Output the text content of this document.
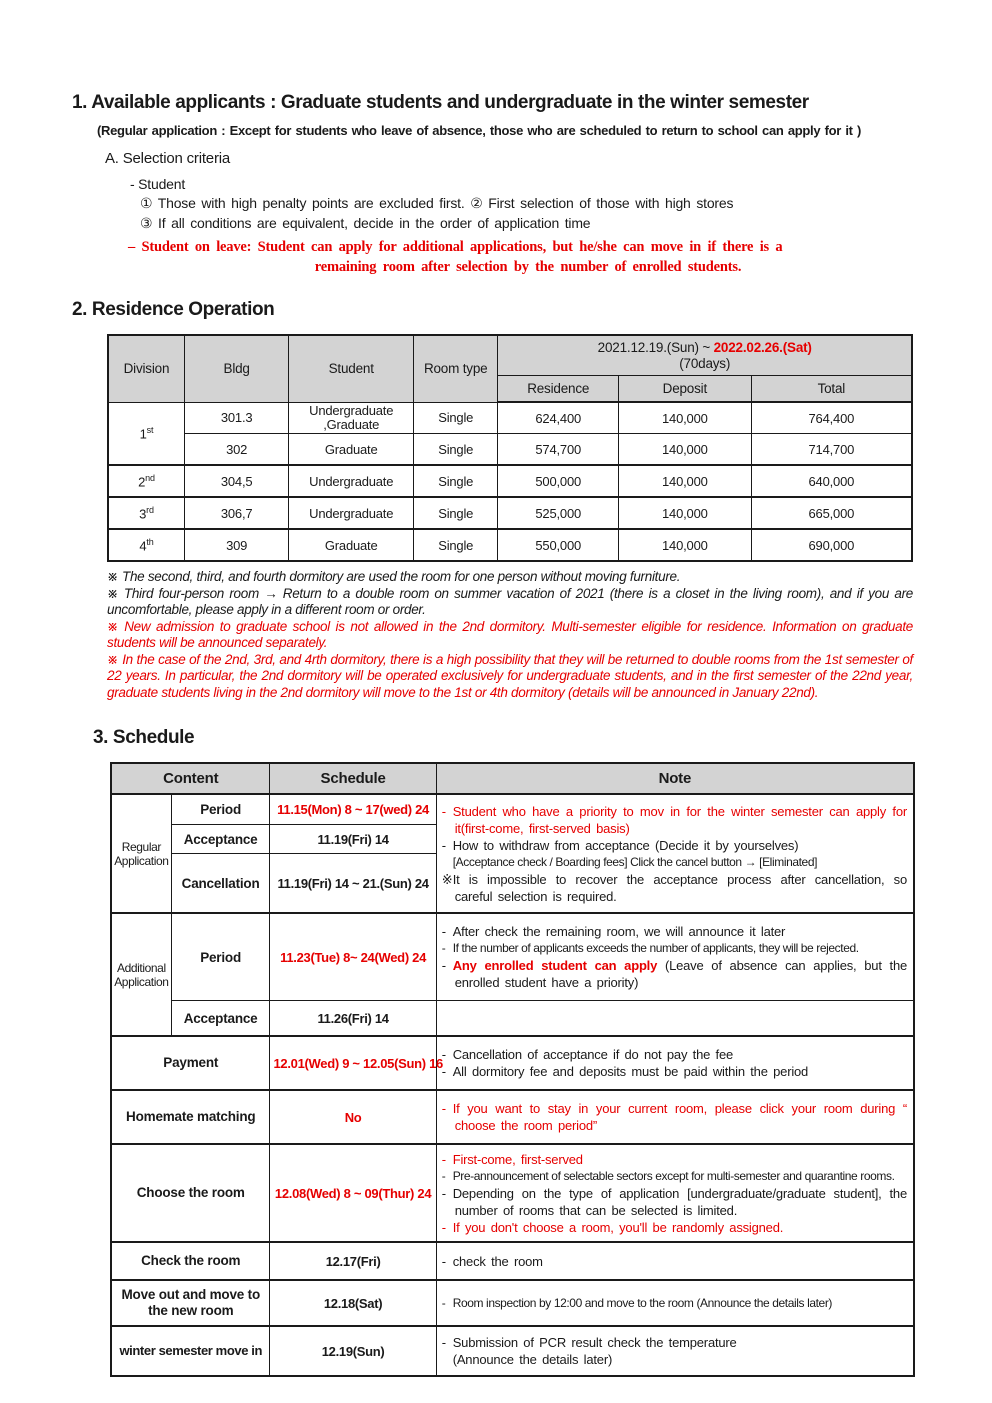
1. Available applicants : Graduate students and undergraduate in the winter semester
(Regular application : Except for students who leave of absence, those who are scheduled to return to school can apply for it )
A. Selection criteria
- Student
① Those with high penalty points are excluded first. ② First selection of those with high stores
③ If all conditions are equivalent, decide in the order of application time
– Student on leave: Student can apply for additional applications, but he/she can move in if there is a
remaining room after selection by the number of enrolled students.
2. Residence Operation
Division	Bldg	Student	Room type	2021.12.19.(Sun) ~ 2022.02.26.(Sat)
(70days)		

				Residence	Deposit	Total
1st	301.3	Undergraduate ,Graduate	Single	624,400	140,000	764,400
	302	Graduate	Single	574,700	140,000	714,700
2nd	304,5	Undergraduate	Single	500,000	140,000	640,000
3rd	306,7	Undergraduate	Single	525,000	140,000	665,000
4th	309	Graduate	Single	550,000	140,000	690,000

※ The second, third, and fourth dormitory are used the room for one person without moving furniture.

※ Third four-person room → Return to a double room on summer vacation of 2021 (there is a closet in the living room), and if you are uncomfortable, please apply in a different room or order.

※ New admission to graduate school is not allowed in the 2nd dormitory. Multi-semester eligible for residence. Information on graduate students will be announced separately.

※ In the case of the 2nd, 3rd, and 4rth dormitory, there is a high possibility that they will be returned to double rooms from the 1st semester of 22 years. In particular, the 2nd dormitory will be operated exclusively for undergraduate students, and in the first semester of the 22nd year, graduate students living in the 2nd dormitory will move to the 1st or 4th dormitory (details will be announced in January 22nd).

3. Schedule
Content		Schedule	Note
Regular Application	Period	11.15(Mon) 8 ~ 17(wed) 24	- Student who have a priority to mov in for the winter semester can apply for it(first-come, first-served basis)
- How to withdraw from acceptance (Decide it by yourselves)
[Acceptance check / Boarding fees] Click the cancel button → [Eliminated]
※It is impossible to recover the acceptance process after cancellation, so careful selection is required.

	Acceptance	11.19(Fri) 14	
	Cancellation	11.19(Fri) 14 ~ 21.(Sun) 24	
Additional Application	Period	11.23(Tue) 8~ 24(Wed) 24	- After check the remaining room, we will announce it later
- If the number of applicants exceeds the number of applicants, they will be rejected.
- Any enrolled student can apply (Leave of absence can applies, but the enrolled student have a priority)

	Acceptance	11.26(Fri) 14	
Payment		12.01(Wed) 9 ~ 12.05(Sun) 16	- Cancellation of acceptance if do not pay the fee
- All dormitory fee and deposits must be paid within the period

Homemate matching		No	- If you want to stay in your current room, please click your room during “ choose the room period”

Choose the room		12.08(Wed) 8 ~ 09(Thur) 24	- First-come, first-served
- Pre-announcement of selectable sectors except for multi-semester and quarantine rooms.
- Depending on the type of application [undergraduate/graduate student], the number of rooms that can be selected is limited.
- If you don't choose a room, you'll be randomly assigned.

Check the room		12.17(Fri)	- check the room

Move out and move to the new room		12.18(Sat)	- Room inspection by 12:00 and move to the room (Announce the details later)

winter semester move in		12.19(Sun)	- Submission of PCR result check the temperature
(Announce the details later)
